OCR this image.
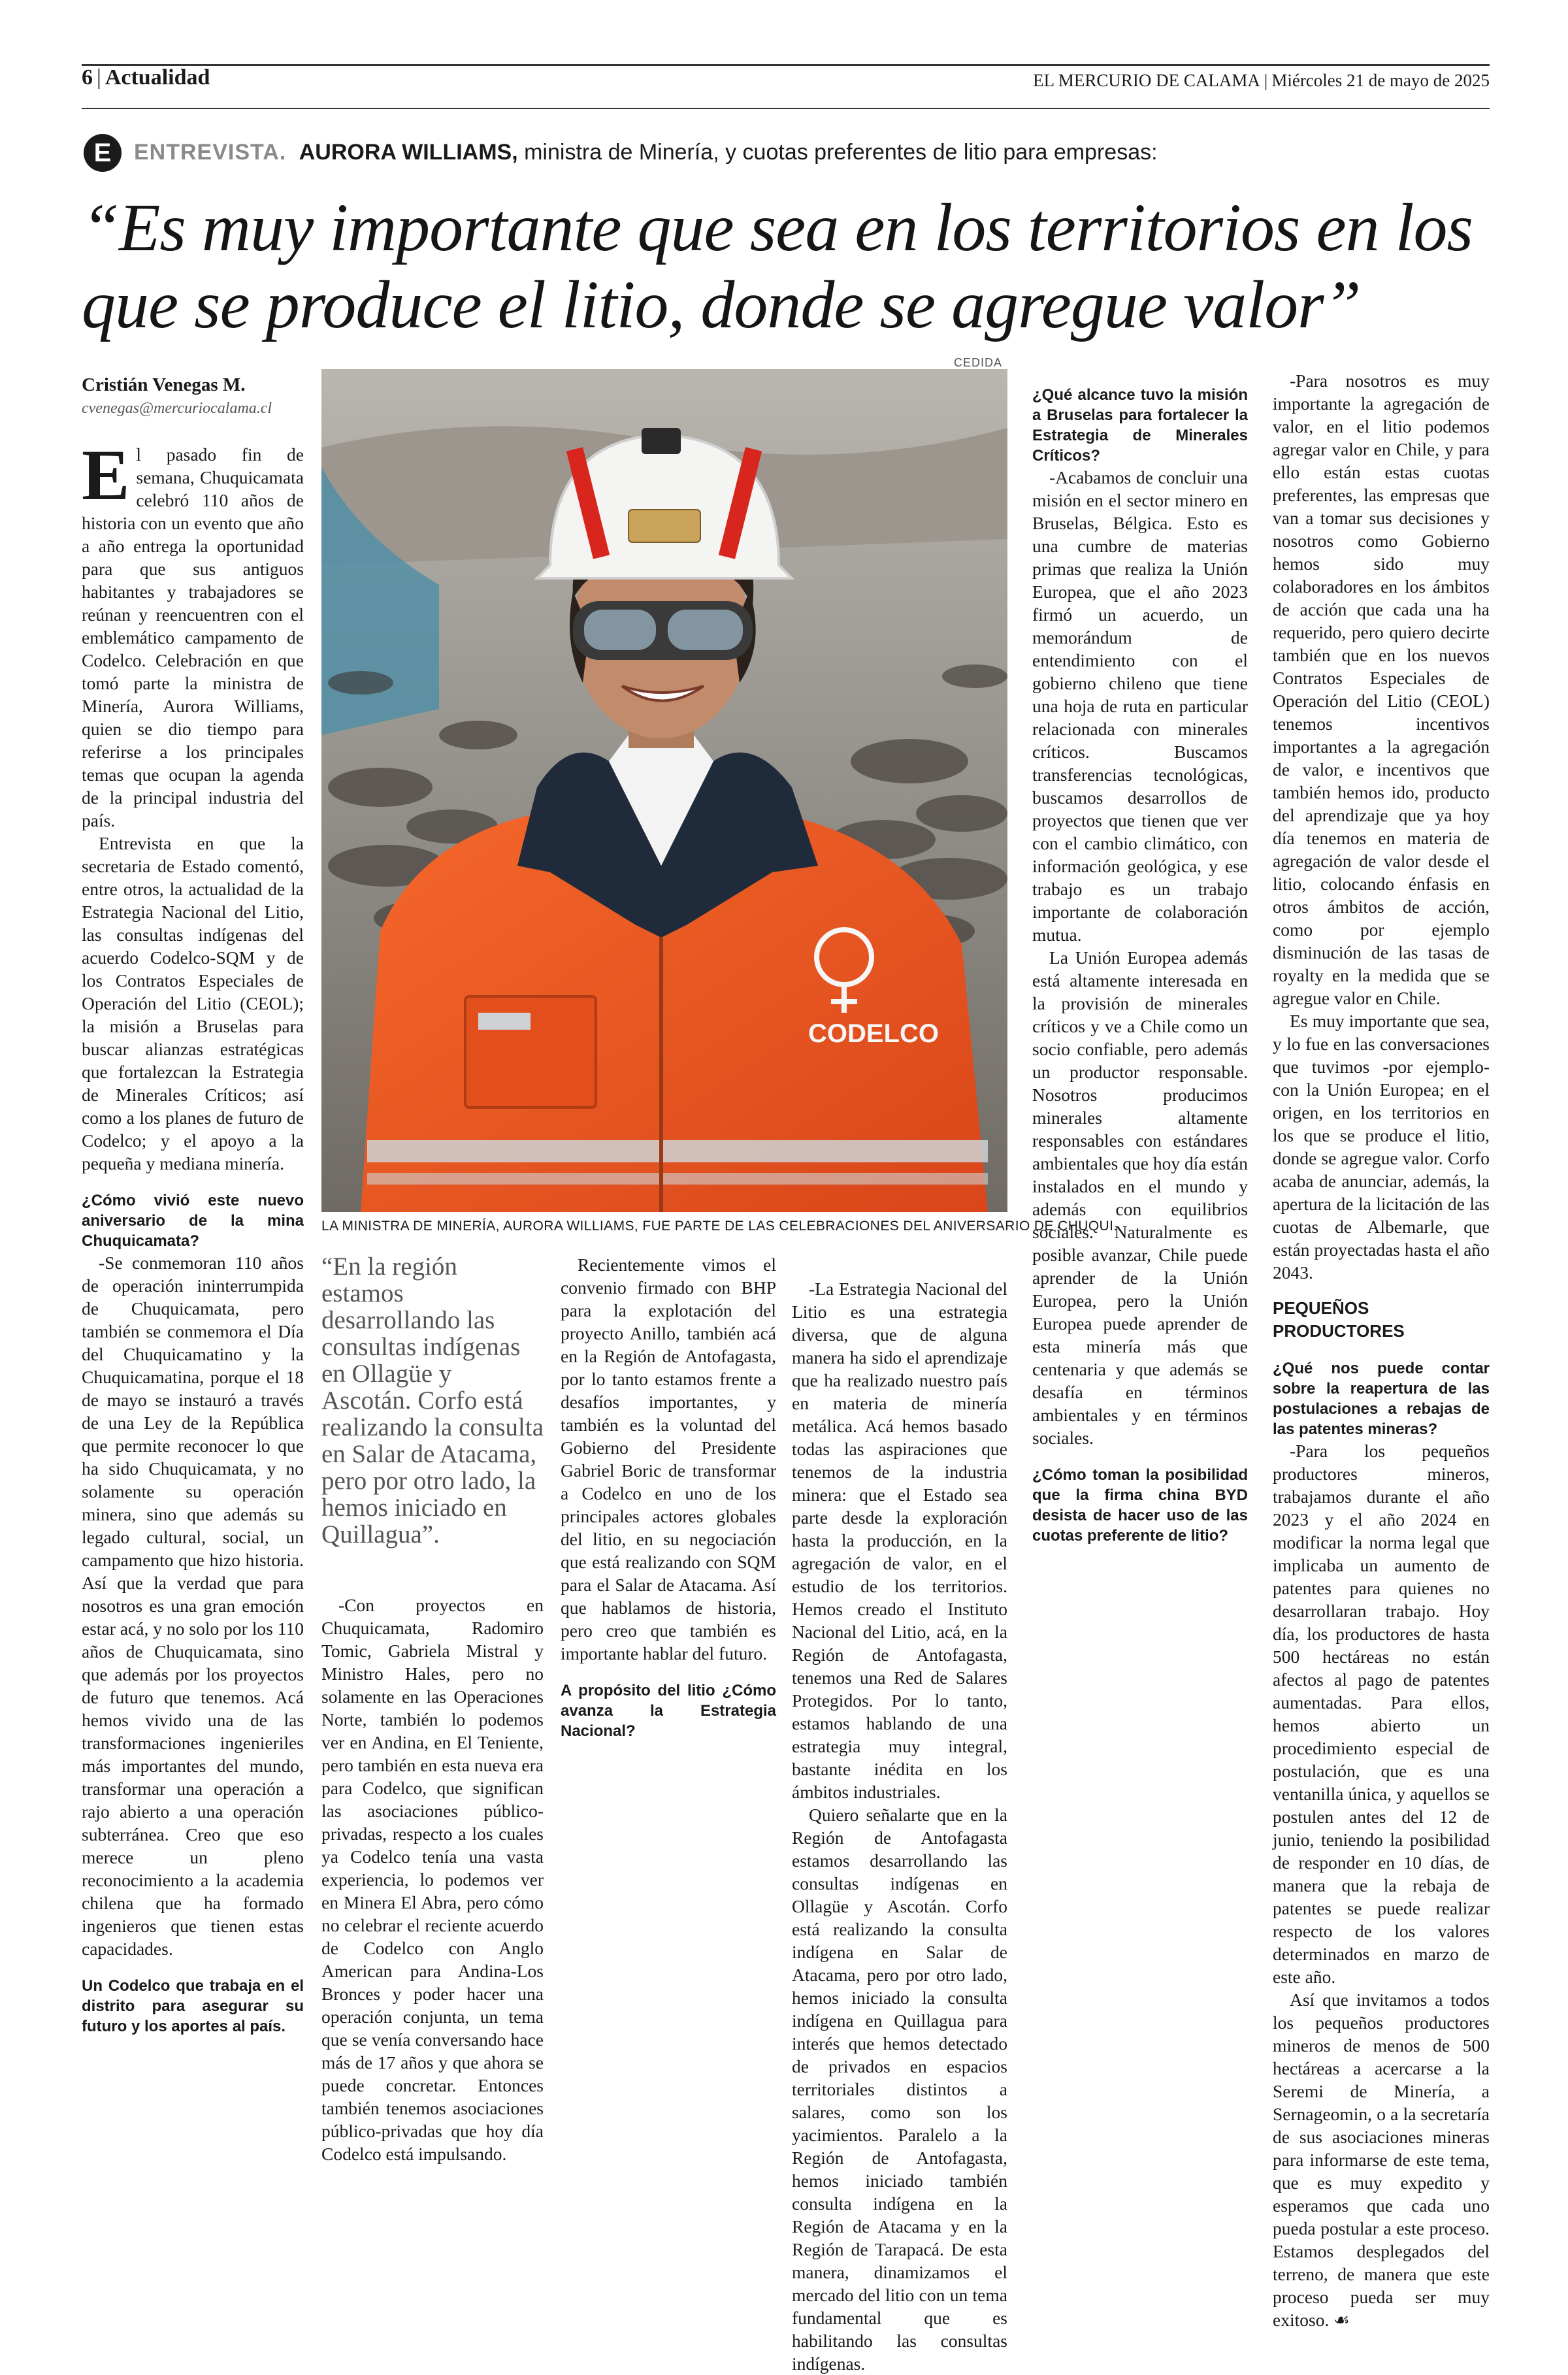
6 | Actualidad	EL MERCURIO DE CALAMA | Miércoles 21 de mayo de 2025
E	ENTREVISTA. AURORA WILLIAMS, ministra de Minería, y cuotas preferentes de litio para empresas:
“Es muy importante que sea en los territorios en los que se produce el litio, donde se agregue valor”
Cristián Venegas M.
cvenegas@mercuriocalama.cl
CEDIDA
CODELCO
LA MINISTRA DE MINERÍA, AURORA WILLIAMS, FUE PARTE DE LAS CELEBRACIONES DEL ANIVERSARIO DE CHUQUI.

El pasado fin de semana, Chuquicamata celebró 110 años de historia con un evento que año a año entrega la oportunidad para que sus antiguos habitantes y trabajadores se reúnan y reencuentren con el emblemático campamento de Codelco. Celebración en que tomó parte la ministra de Minería, Aurora Williams, quien se dio tiempo para referirse a los principales temas que ocupan la agenda de la principal industria del país.

Entrevista en que la secretaria de Estado comentó, entre otros, la actualidad de la Estrategia Nacional del Litio, las consultas indígenas del acuerdo Codelco-SQM y de los Contratos Especiales de Operación del Litio (CEOL); la misión a Bruselas para buscar alianzas estratégicas que fortalezcan la Estrategia de Minerales Críticos; así como a los planes de futuro de Codelco; y el apoyo a la pequeña y mediana minería.

¿Cómo vivió este nuevo aniversario de la mina Chuquicamata?

-Se conmemoran 110 años de operación ininterrumpida de Chuquicamata, pero también se conmemora el Día del Chuquicamatino y la Chuquicamatina, porque el 18 de mayo se instauró a través de una Ley de la República que permite reconocer lo que ha sido Chuquicamata, y no solamente su operación minera, sino que además su legado cultural, social, un campamento que hizo historia. Así que la verdad que para nosotros es una gran emoción estar acá, y no solo por los 110 años de Chuquicamata, sino que además por los proyectos de futuro que tenemos. Acá hemos vivido una de las transformaciones ingenieriles más importantes del mundo, transformar una operación a rajo abierto a una operación subterránea. Creo que eso merece un pleno reconocimiento a la academia chilena que ha formado ingenieros que tienen estas capacidades.

Un Codelco que trabaja en el distrito para asegurar su futuro y los aportes al país.

“En la región estamos desarrollando las consultas indígenas en Ollagüe y Ascotán. Corfo está realizando la consulta en Salar de Atacama, pero por otro lado, la hemos iniciado en Quillagua”.

-Con proyectos en Chuquicamata, Radomiro Tomic, Gabriela Mistral y Ministro Hales, pero no solamente en las Operaciones Norte, también lo podemos ver en Andina, en El Teniente, pero también en esta nueva era para Codelco, que significan las asociaciones público-privadas, respecto a los cuales ya Codelco tenía una vasta experiencia, lo podemos ver en Minera El Abra, pero cómo no celebrar el reciente acuerdo de Codelco con Anglo American para Andina-Los Bronces y poder hacer una operación conjunta, un tema que se venía conversando hace más de 17 años y que ahora se puede concretar. Entonces también tenemos asociaciones público-privadas que hoy día Codelco está impulsando.

Recientemente vimos el convenio firmado con BHP para la explotación del proyecto Anillo, también acá en la Región de Antofagasta, por lo tanto estamos frente a desafíos importantes, y también es la voluntad del Gobierno del Presidente Gabriel Boric de transformar a Codelco en uno de los principales actores globales del litio, en su negociación que está realizando con SQM para el Salar de Atacama. Así que hablamos de historia, pero creo que también es importante hablar del futuro.

A propósito del litio ¿Cómo avanza la Estrategia Nacional?

-La Estrategia Nacional del Litio es una estrategia diversa, que de alguna manera ha sido el aprendizaje que ha realizado nuestro país en materia de minería metálica. Acá hemos basado todas las aspiraciones que tenemos de la industria minera: que el Estado sea parte desde la exploración hasta la producción, en la agregación de valor, en el estudio de los territorios. Hemos creado el Instituto Nacional del Litio, acá, en la Región de Antofagasta, tenemos una Red de Salares Protegidos. Por lo tanto, estamos hablando de una estrategia muy integral, bastante inédita en los ámbitos industriales.

Quiero señalarte que en la Región de Antofagasta estamos desarrollando las consultas indígenas en Ollagüe y Ascotán. Corfo está realizando la consulta indígena en Salar de Atacama, pero por otro lado, hemos iniciado la consulta indígena en Quillagua para interés que hemos detectado de privados en espacios territoriales distintos a salares, como son los yacimientos. Paralelo a la Región de Antofagasta, hemos iniciado también consulta indígena en la Región de Atacama y en la Región de Tarapacá. De esta manera, dinamizamos el mercado del litio con un tema fundamental que es habilitando las consultas indígenas.

¿Qué alcance tuvo la misión a Bruselas para fortalecer la Estrategia de Minerales Críticos?

-Acabamos de concluir una misión en el sector minero en Bruselas, Bélgica. Esto es una cumbre de materias primas que realiza la Unión Europea, que el año 2023 firmó un acuerdo, un memorándum de entendimiento con el gobierno chileno que tiene una hoja de ruta en particular relacionada con minerales críticos. Buscamos transferencias tecnológicas, buscamos desarrollos de proyectos que tienen que ver con el cambio climático, con información geológica, y ese trabajo es un trabajo importante de colaboración mutua.

La Unión Europea además está altamente interesada en la provisión de minerales críticos y ve a Chile como un socio confiable, pero además un productor responsable. Nosotros producimos minerales altamente responsables con estándares ambientales que hoy día están instalados en el mundo y además con equilibrios sociales. Naturalmente es posible avanzar, Chile puede aprender de la Unión Europea, pero la Unión Europea puede aprender de esta minería más que centenaria y que además se desafía en términos ambientales y en términos sociales.

¿Cómo toman la posibilidad que la firma china BYD desista de hacer uso de las cuotas preferente de litio?

-Para nosotros es muy importante la agregación de valor, en el litio podemos agregar valor en Chile, y para ello están estas cuotas preferentes, las empresas que van a tomar sus decisiones y nosotros como Gobierno hemos sido muy colaboradores en los ámbitos de acción que cada una ha requerido, pero quiero decirte también que en los nuevos Contratos Especiales de Operación del Litio (CEOL) tenemos incentivos importantes a la agregación de valor, e incentivos que también hemos ido, producto del aprendizaje que ya hoy día tenemos en materia de agregación de valor desde el litio, colocando énfasis en otros ámbitos de acción, como por ejemplo disminución de las tasas de royalty en la medida que se agregue valor en Chile.

Es muy importante que sea, y lo fue en las conversaciones que tuvimos -por ejemplo- con la Unión Europea; en el origen, en los territorios en los que se produce el litio, donde se agregue valor. Corfo acaba de anunciar, además, la apertura de la licitación de las cuotas de Albemarle, que están proyectadas hasta el año 2043.

PEQUEÑOS PRODUCTORES

¿Qué nos puede contar sobre la reapertura de las postulaciones a rebajas de las patentes mineras?

-Para los pequeños productores mineros, trabajamos durante el año 2023 y el año 2024 en modificar la norma legal que implicaba un aumento de patentes para quienes no desarrollaran trabajo. Hoy día, los productores de hasta 500 hectáreas no están afectos al pago de patentes aumentadas. Para ellos, hemos abierto un procedimiento especial de postulación, que es una ventanilla única, y aquellos se postulen antes del 12 de junio, teniendo la posibilidad de responder en 10 días, de manera que la rebaja de patentes se puede realizar respecto de los valores determinados en marzo de este año.

Así que invitamos a todos los pequeños productores mineros de menos de 500 hectáreas a acercarse a la Seremi de Minería, a Sernageomin, o a la secretaría de sus asociaciones mineras para informarse de este tema, que es muy expedito y esperamos que cada uno pueda postular a este proceso. Estamos desplegados del terreno, de manera que este proceso pueda ser muy exitoso. ☙
